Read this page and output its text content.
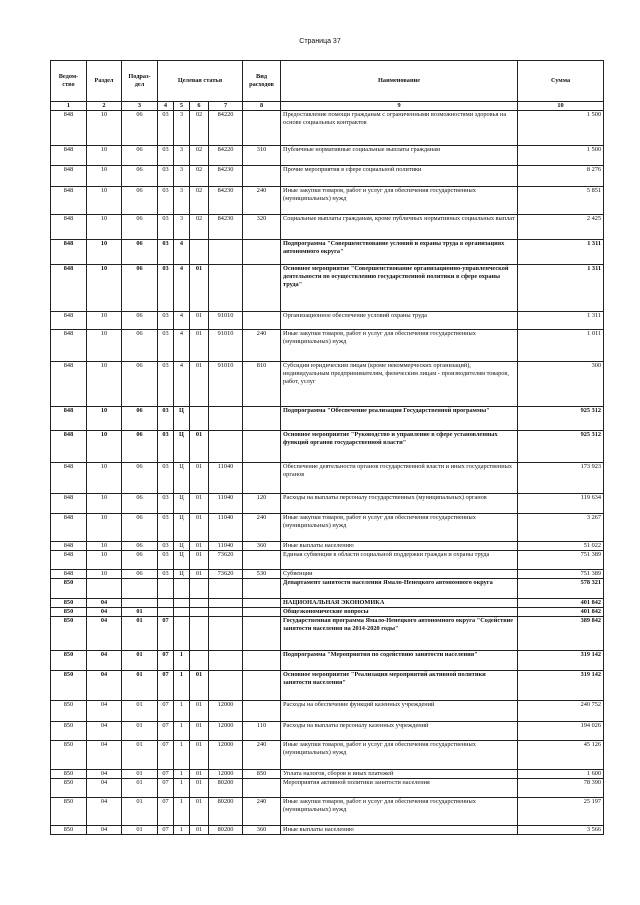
Страница 37
Ведом-ство	Раздел	Подраз-дел	Целевая статья				Вид расходов	Наименование	Сумма
1	2	3	4	5	6	7	8	9	10
848	10	06	03	3	02	84220		Предоставление помощи гражданам с ограниченными возможностями здоровья на основе социальных контрактов	1 500
848	10	06	03	3	02	84220	310	Публичные нормативные социальные выплаты гражданам	1 500
848	10	06	03	3	02	84230		Прочие мероприятия в сфере социальной политики	8 276
848	10	06	03	3	02	84230	240	Иные закупки товаров, работ и услуг для обеспечения государственных (муниципальных) нужд	5 851
848	10	06	03	3	02	84230	320	Социальные выплаты гражданам, кроме публичных нормативных социальных выплат	2 425
848	10	06	03	4				Подпрограмма "Совершенствование условий и охраны труда в организациях автономного округа"	1 311
848	10	06	03	4	01			Основное мероприятие "Совершенствование организационно-управленческой деятельности по осуществлению государственной политики в сфере охраны труда"	1 311
848	10	06	03	4	01	91010		Организационное обеспечение условий охраны труда	1 311
848	10	06	03	4	01	91010	240	Иные закупки товаров, работ и услуг для обеспечения государственных (муниципальных) нужд	1 011
848	10	06	03	4	01	91010	810	Субсидии юридическим лицам (кроме некоммерческих организаций), индивидуальным предпринимателям, физическим лицам - производителям товаров, работ, услуг	300
848	10	06	03	Ц				Подпрограмма "Обеспечение реализации Государственной программы"	925 312
848	10	06	03	Ц	01			Основное мероприятие "Руководство и управление в сфере установленных функций органов государственной власти"	925 312
848	10	06	03	Ц	01	11040		Обеспечение деятельности органов государственной власти и иных государственных органов	173 923
848	10	06	03	Ц	01	11040	120	Расходы на выплаты персоналу государственных (муниципальных) органов	119 634
848	10	06	03	Ц	01	11040	240	Иные закупки товаров, работ и услуг для обеспечения государственных (муниципальных) нужд	3 267
848	10	06	03	Ц	01	11040	360	Иные выплаты населению	51 022
848	10	06	03	Ц	01	73620		Единая субвенция в области социальной поддержки граждан и охраны труда	751 389
848	10	06	03	Ц	01	73620	530	Субвенции	751 389
850								Департамент занятости населения Ямало-Ненецкого автономного округа	578 321
850	04							НАЦИОНАЛЬНАЯ ЭКОНОМИКА	401 842
850	04	01						Общеэкономические вопросы	401 842
850	04	01	07					Государственная программа Ямало-Ненецкого автономного округа "Содействие занятости населения на 2014-2020 годы"	389 842
850	04	01	07	1				Подпрограмма "Мероприятия по содействию занятости населения"	319 142
850	04	01	07	1	01			Основное мероприятие "Реализация мероприятий активной политики занятости населения"	319 142
850	04	01	07	1	01	12000		Расходы на обеспечение функций казенных учреждений	240 752
850	04	01	07	1	01	12000	110	Расходы на выплаты персоналу казенных учреждений	194 026
850	04	01	07	1	01	12000	240	Иные закупки товаров, работ и услуг для обеспечения государственных (муниципальных) нужд	45 126
850	04	01	07	1	01	12000	850	Уплата налогов, сборов и иных платежей	1 600
850	04	01	07	1	01	80200		Мероприятия активной политики занятости населения	78 390
850	04	01	07	1	01	80200	240	Иные закупки товаров, работ и услуг для обеспечения государственных (муниципальных) нужд	25 197
850	04	01	07	1	01	80200	360	Иные выплаты населению	3 566
